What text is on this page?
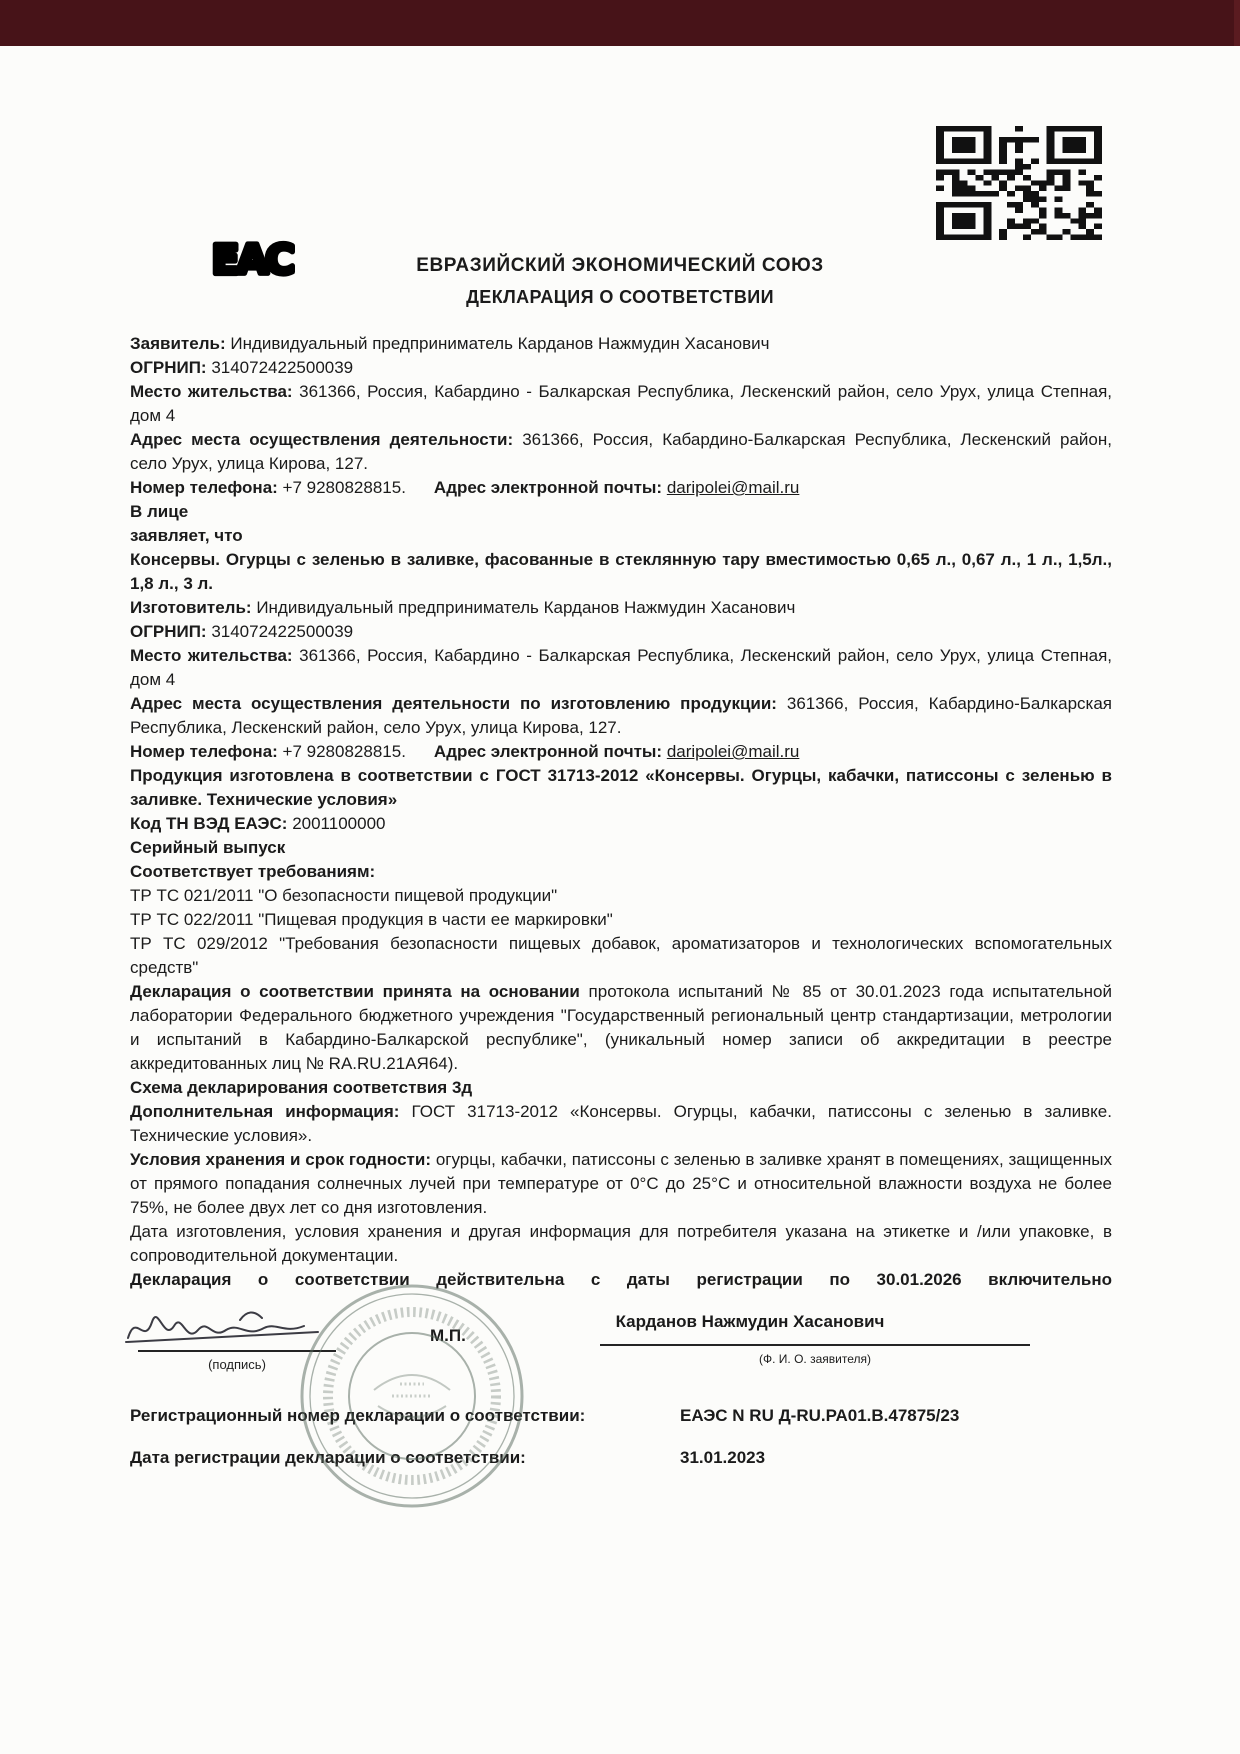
ЕАС	ЕВРАЗИЙСКИЙ ЭКОНОМИЧЕСКИЙ СОЮЗ
ДЕКЛАРАЦИЯ О СООТВЕТСТВИИ

Заявитель: Индивидуальный предприниматель Карданов Нажмудин Хасанович

ОГРНИП: 314072422500039

Место жительства: 361366, Россия, Кабардино - Балкарская Республика, Лескенский район, село Урух, улица Степная, дом 4

Адрес места осуществления деятельности: 361366, Россия, Кабардино-Балкарская Республика, Лескенский район, село Урух, улица Кирова, 127.

Номер телефона: +7 9280828815. Адрес электронной почты: daripolei@mail.ru

В лице

заявляет, что

Консервы. Огурцы с зеленью в заливке, фасованные в стеклянную тару вместимостью 0,65 л., 0,67 л., 1 л., 1,5л., 1,8 л., 3 л.

Изготовитель: Индивидуальный предприниматель Карданов Нажмудин Хасанович

ОГРНИП: 314072422500039

Место жительства: 361366, Россия, Кабардино - Балкарская Республика, Лескенский район, село Урух, улица Степная, дом 4

Адрес места осуществления деятельности по изготовлению продукции: 361366, Россия, Кабардино-Балкарская Республика, Лескенский район, село Урух, улица Кирова, 127.

Номер телефона: +7 9280828815. Адрес электронной почты: daripolei@mail.ru

Продукция изготовлена в соответствии с ГОСТ 31713-2012 «Консервы. Огурцы, кабачки, патиссоны с зеленью в заливке. Технические условия»

Код ТН ВЭД ЕАЭС: 2001100000

Серийный выпуск

Соответствует требованиям:

ТР ТС 021/2011 "О безопасности пищевой продукции"

ТР ТС 022/2011 "Пищевая продукция в части ее маркировки"

ТР ТС 029/2012 "Требования безопасности пищевых добавок, ароматизаторов и технологических вспомогательных средств"

Декларация о соответствии принята на основании протокола испытаний № 85 от 30.01.2023 года испытательной лаборатории Федерального бюджетного учреждения "Государственный региональный центр стандартизации, метрологии и испытаний в Кабардино-Балкарской республике", (уникальный номер записи об аккредитации в реестре аккредитованных лиц № RA.RU.21АЯ64).

Схема декларирования соответствия 3д

Дополнительная информация: ГОСТ 31713-2012 «Консервы. Огурцы, кабачки, патиссоны с зеленью в заливке. Технические условия».

Условия хранения и срок годности: огурцы, кабачки, патиссоны с зеленью в заливке хранят в помещениях, защищенных от прямого попадания солнечных лучей при температуре от 0°С до 25°С и относительной влажности воздуха не более 75%, не более двух лет со дня изготовления.

Дата изготовления, условия хранения и другая информация для потребителя указана на этикетке и /или упаковке, в сопроводительной документации.

Декларация о соответствии действительна с даты регистрации по 30.01.2026 включительно

(подпись)
М.П.
Карданов Нажмудин Хасанович
(Ф. И. О. заявителя)
Регистрационный номер декларации о соответствии:	ЕАЭС N RU Д-RU.РА01.В.47875/23
Дата регистрации декларации о соответствии:	31.01.2023
